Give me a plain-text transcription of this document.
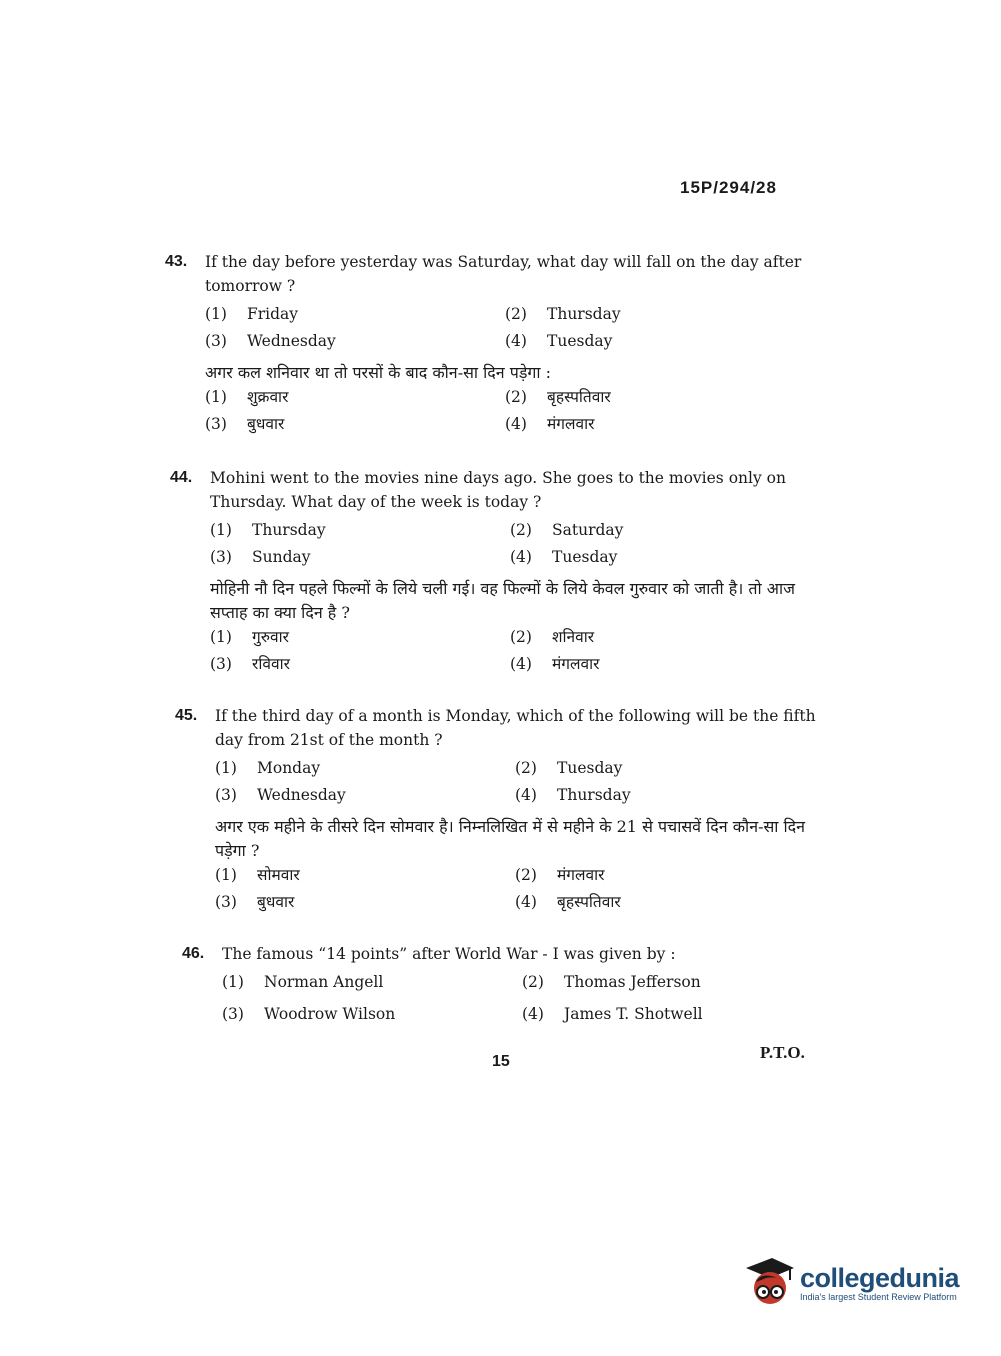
15P/294/28
43.	If the day before yesterday was Saturday, what day will fall on the day after tomorrow ?
(1)	Friday	(2)	Thursday
(3)	Wednesday	(4)	Tuesday
अगर कल शनिवार था तो परसों के बाद कौन-सा दिन पड़ेगा :
(1)	शुक्रवार	(2)	बृहस्पतिवार
(3)	बुधवार	(4)	मंगलवार
44.	Mohini went to the movies nine days ago. She goes to the movies only on Thursday. What day of the week is today ?
(1)	Thursday	(2)	Saturday
(3)	Sunday	(4)	Tuesday
मोहिनी नौ दिन पहले फिल्मों के लिये चली गई। वह फिल्मों के लिये केवल गुरुवार को जाती है। तो आज सप्ताह का क्या दिन है ?
(1)	गुरुवार	(2)	शनिवार
(3)	रविवार	(4)	मंगलवार
45.	If the third day of a month is Monday, which of the following will be the fifth day from 21st of the month ?
(1)	Monday	(2)	Tuesday
(3)	Wednesday	(4)	Thursday
अगर एक महीने के तीसरे दिन सोमवार है। निम्नलिखित में से महीने के 21 से पचासवें दिन कौन-सा दिन पड़ेगा ?
(1)	सोमवार	(2)	मंगलवार
(3)	बुधवार	(4)	बृहस्पतिवार
46.	The famous “14 points” after World War - I was given by :
(1)	Norman Angell	(2)	Thomas Jefferson
(3)	Woodrow Wilson	(4)	James T. Shotwell
15	P.T.O.
collegedunia
India's largest Student Review Platform
